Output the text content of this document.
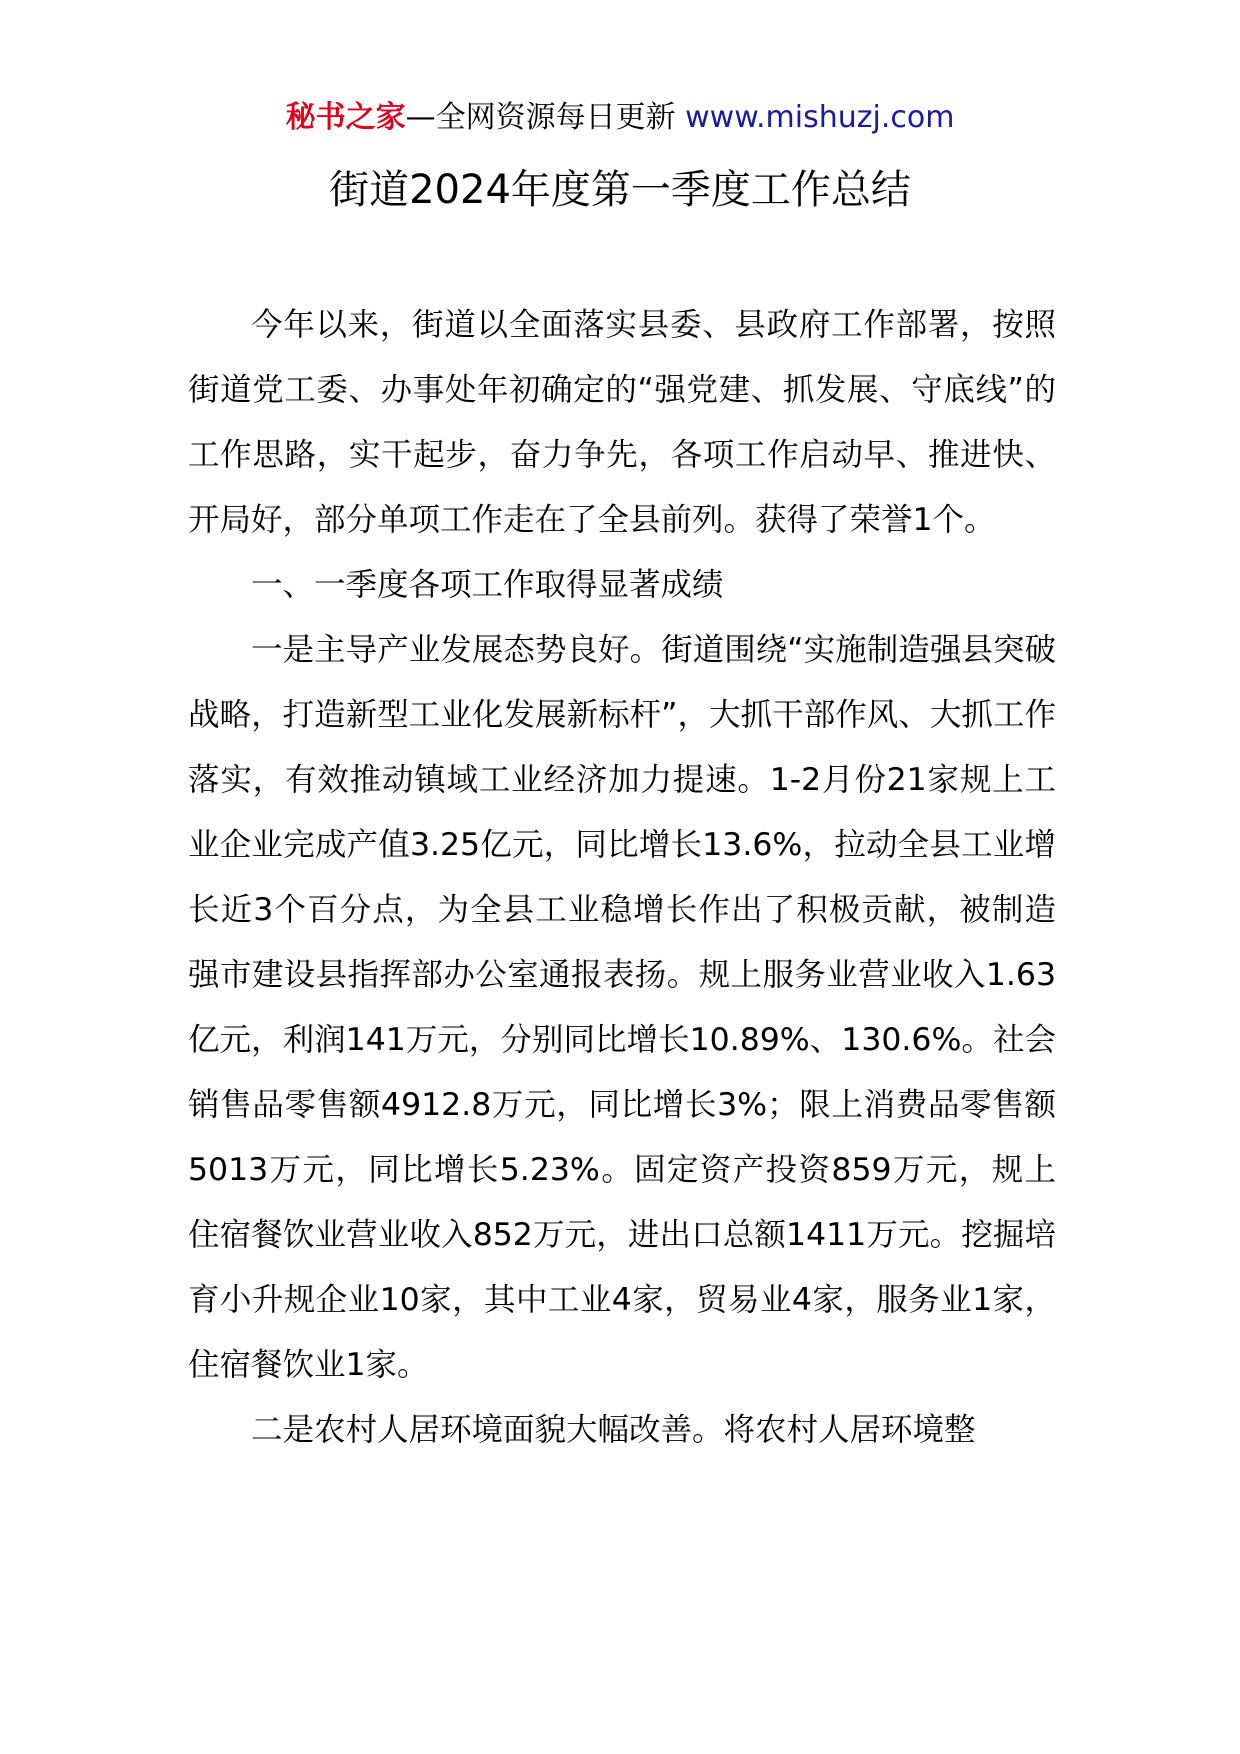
秘书之家—全网资源每日更新 www.mishuzj.com
街道2024年度第一季度工作总结

今年以来，街道以全面落实县委、县政府工作部署，按照街道党工委、办事处年初确定的“强党建、抓发展、守底线”的工作思路，实干起步，奋力争先，各项工作启动早、推进快、开局好，部分单项工作走在了全县前列。获得了荣誉1个。

一、一季度各项工作取得显著成绩

一是主导产业发展态势良好。街道围绕“实施制造强县突破战略，打造新型工业化发展新标杆”，大抓干部作风、大抓工作落实，有效推动镇域工业经济加力提速。1-2月份21家规上工业企业完成产值3.25亿元，同比增长13.6%，拉动全县工业增长近3个百分点，为全县工业稳增长作出了积极贡献，被制造强市建设县指挥部办公室通报表扬。规上服务业营业收入1.63亿元，利润141万元，分别同比增长10.89%、130.6%。社会销售品零售额4912.8万元，同比增长3%；限上消费品零售额5013万元，同比增长5.23%。固定资产投资859万元，规上住宿餐饮业营业收入852万元，进出口总额1411万元。挖掘培育小升规企业10家，其中工业4家，贸易业4家，服务业1家，住宿餐饮业1家。

二是农村人居环境面貌大幅改善。将农村人居环境整
